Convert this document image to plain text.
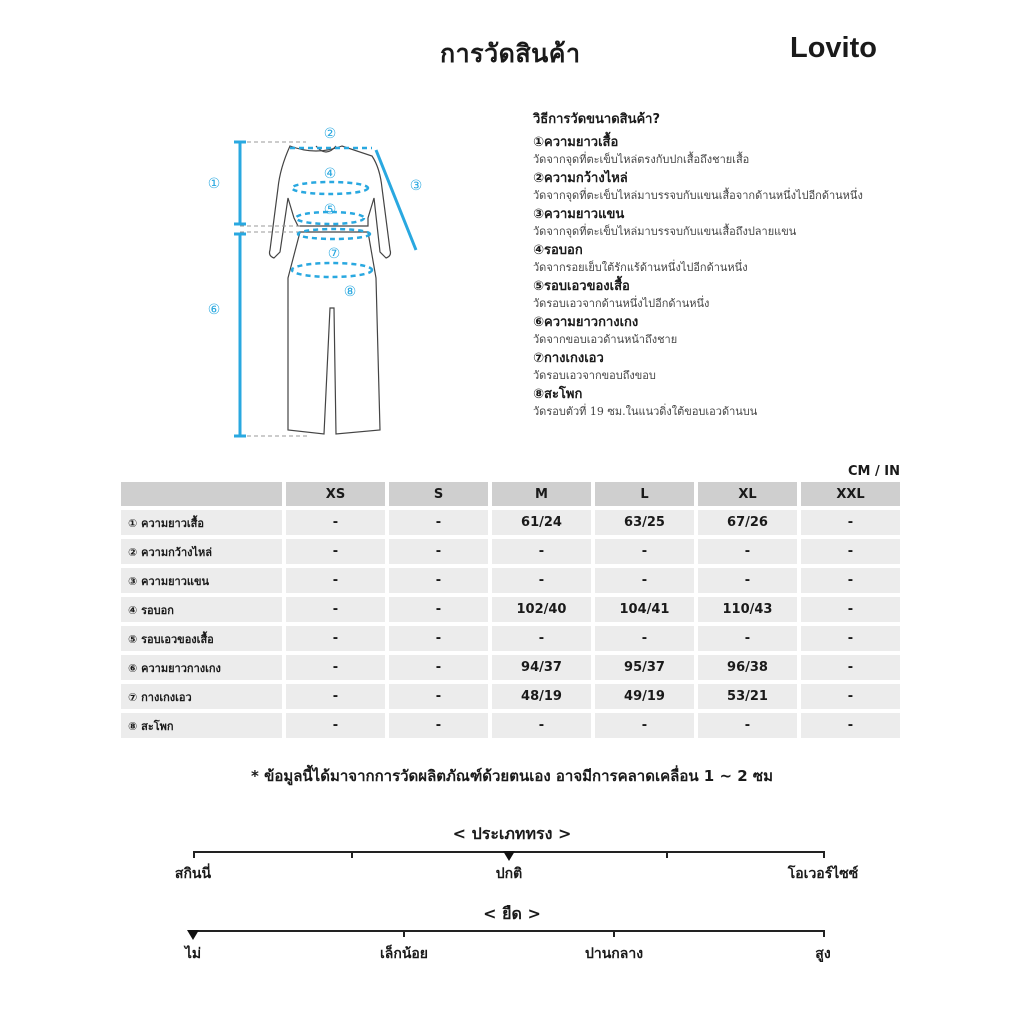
การวัดสินค้า	Lovito
①
②
③
④
⑤
⑥
⑦
⑧
วิธีการวัดขนาดสินค้า?
①ความยาวเสื้อ
วัดจากจุดที่ตะเข็บไหล่ตรงกับปกเสื้อถึงชายเสื้อ
②ความกว้างไหล่
วัดจากจุดที่ตะเข็บไหล่มาบรรจบกับแขนเสื้อจากด้านหนึ่งไปอีกด้านหนึ่ง
③ความยาวแขน
วัดจากจุดที่ตะเข็บไหล่มาบรรจบกับแขนเสื้อถึงปลายแขน
④รอบอก
วัดจากรอยเย็บใต้รักแร้ด้านหนึ่งไปอีกด้านหนึ่ง
⑤รอบเอวของเสื้อ
วัดรอบเอวจากด้านหนึ่งไปอีกด้านหนึ่ง
⑥ความยาวกางเกง
วัดจากขอบเอวด้านหน้าถึงชาย
⑦กางเกงเอว
วัดรอบเอวจากขอบถึงขอบ
⑧สะโพก
วัดรอบตัวที่ 19 ซม.ในแนวดิ่งใต้ขอบเอวด้านบน
CM / IN
	XS	S	M	L	XL	XXL
① ความยาวเสื้อ	-	-	61/24	63/25	67/26	-
② ความกว้างไหล่	-	-	-	-	-	-
③ ความยาวแขน	-	-	-	-	-	-
④ รอบอก	-	-	102/40	104/41	110/43	-
⑤ รอบเอวของเสื้อ	-	-	-	-	-	-
⑥ ความยาวกางเกง	-	-	94/37	95/37	96/38	-
⑦ กางเกงเอว	-	-	48/19	49/19	53/21	-
⑧ สะโพก	-	-	-	-	-	-
* ข้อมูลนี้ได้มาจากการวัดผลิตภัณฑ์ด้วยตนเอง อาจมีการคลาดเคลื่อน 1 ~ 2 ซม
< ประเภททรง >
สกินนี่	ปกติ	โอเวอร์ไซซ์
< ยืด >
ไม่	เล็กน้อย	ปานกลาง	สูง
